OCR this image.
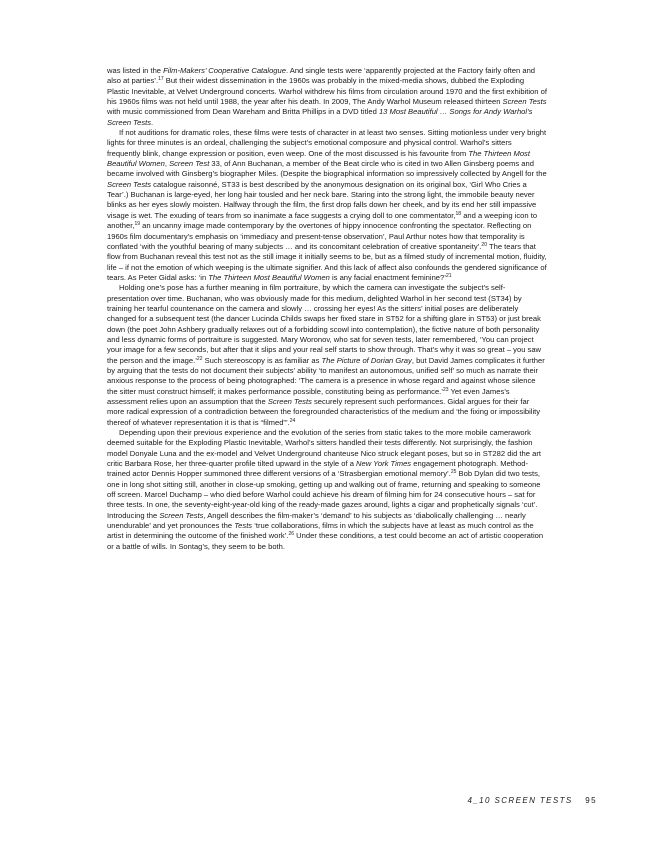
was listed in the Film-Makers’ Cooperative Catalogue. And single tests were ‘apparently projected at the Factory fairly often and also at parties’.$^{17}$ But their widest dissemination in the 1960s was probably in the mixed-media shows, dubbed the Exploding Plastic Inevitable, at Velvet Underground concerts. Warhol withdrew his films from circulation around 1970 and the first exhibition of his 1960s films was not held until 1988, the year after his death. In 2009, The Andy Warhol Museum released thirteen Screen Tests with music commissioned from Dean Wareham and Britta Phillips in a DVD titled 13 Most Beautiful … Songs for Andy Warhol’s Screen Tests.

If not auditions for dramatic roles, these films were tests of character in at least two senses. Sitting motionless under very bright lights for three minutes is an ordeal, challenging the subject’s emotional composure and physical control. Warhol’s sitters frequently blink, change expression or position, even weep. One of the most discussed is his favourite from The Thirteen Most Beautiful Women, Screen Test 33, of Ann Buchanan, a member of the Beat circle who is cited in two Allen Ginsberg poems and became involved with Ginsberg’s biographer Miles. (Despite the biographical information so impressively collected by Angell for the Screen Tests catalogue raisonné, ST33 is best described by the anonymous designation on its original box, ‘Girl Who Cries a Tear’.) Buchanan is large-eyed, her long hair tousled and her neck bare. Staring into the strong light, the immobile beauty never blinks as her eyes slowly moisten. Halfway through the film, the first drop falls down her cheek, and by its end her still impassive visage is wet. The exuding of tears from so inanimate a face suggests a crying doll to one commentator,$^{18}$ and a weeping icon to another,$^{19}$ an uncanny image made contemporary by the overtones of hippy innocence confronting the spectator. Reflecting on 1960s film documentary’s emphasis on ‘immediacy and present-tense observation’, Paul Arthur notes how that temporality is conflated ‘with the youthful bearing of many subjects … and its concomitant celebration of creative spontaneity’.$^{20}$ The tears that flow from Buchanan reveal this test not as the still image it initially seems to be, but as a filmed study of incremental motion, fluidity, life – if not the emotion of which weeping is the ultimate signifier. And this lack of affect also confounds the gendered significance of tears. As Peter Gidal asks: ‘in The Thirteen Most Beautiful Women is any facial enactment feminine?’$^{21}$

Holding one’s pose has a further meaning in film portraiture, by which the camera can investigate the subject’s self-presentation over time. Buchanan, who was obviously made for this medium, delighted Warhol in her second test (ST34) by training her tearful countenance on the camera and slowly … crossing her eyes! As the sitters’ initial poses are deliberately changed for a subsequent test (the dancer Lucinda Childs swaps her fixed stare in ST52 for a shifting glare in ST53) or just break down (the poet John Ashbery gradually relaxes out of a forbidding scowl into contemplation), the fictive nature of both personality and less dynamic forms of portraiture is suggested. Mary Woronov, who sat for seven tests, later remembered, ‘You can project your image for a few seconds, but after that it slips and your real self starts to show through. That’s why it was so great – you saw the person and the image.’$^{22}$ Such stereoscopy is as familiar as The Picture of Dorian Gray, but David James complicates it further by arguing that the tests do not document their subjects’ ability ‘to manifest an autonomous, unified self’ so much as narrate their anxious response to the process of being photographed: ‘The camera is a presence in whose regard and against whose silence the sitter must construct himself; it makes performance possible, constituting being as performance.’$^{23}$ Yet even James’s assessment relies upon an assumption that the Screen Tests securely represent such performances. Gidal argues for their far more radical expression of a contradiction between the foregrounded characteristics of the medium and ‘the fixing or impossibility thereof of whatever representation it is that is “filmed”’.$^{24}$

Depending upon their previous experience and the evolution of the series from static takes to the more mobile camerawork deemed suitable for the Exploding Plastic Inevitable, Warhol’s sitters handled their tests differently. Not surprisingly, the fashion model Donyale Luna and the ex-model and Velvet Underground chanteuse Nico struck elegant poses, but so in ST282 did the art critic Barbara Rose, her three-quarter profile tilted upward in the style of a New York Times engagement photograph. Method-trained actor Dennis Hopper summoned three different versions of a ‘Strasbergian emotional memory’.$^{25}$ Bob Dylan did two tests, one in long shot sitting still, another in close-up smoking, getting up and walking out of frame, returning and speaking to someone off screen. Marcel Duchamp – who died before Warhol could achieve his dream of filming him for 24 consecutive hours – sat for three tests. In one, the seventy-eight-year-old king of the ready-made gazes around, lights a cigar and prophetically signals ‘cut’. Introducing the Screen Tests, Angell describes the film-maker’s ‘demand’ to his subjects as ‘diabolically challenging … nearly unendurable’ and yet pronounces the Tests ‘true collaborations, films in which the subjects have at least as much control as the artist in determining the outcome of the finished work’.$^{26}$ Under these conditions, a test could become an act of artistic cooperation or a battle of wills. In Sontag’s, they seem to be both.

4_10 SCREEN TESTS 95
